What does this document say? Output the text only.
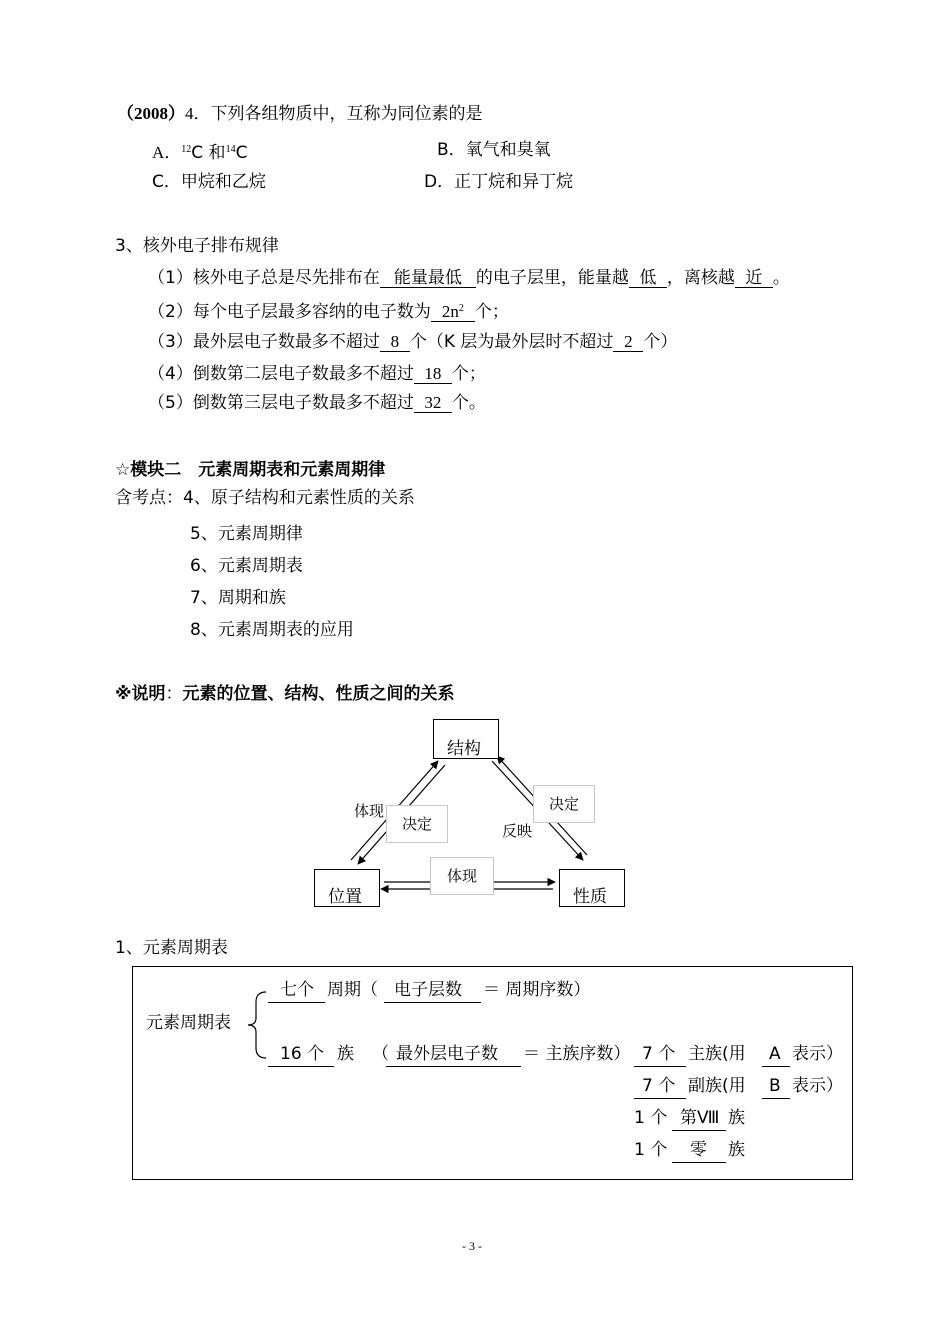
（2008）4．下列各组物质中，互称为同位素的是
A．$^{12}$C 和$^{14}$C	B．氧气和臭氧
C．甲烷和乙烷	D．正丁烷和异丁烷
3、核外电子排布规律
（1）核外电子总是尽先排布在 能量最低 的电子层里，能量越 低 ，离核越 近 。
（2）每个电子层最多容纳的电子数为 $2n^2$ 个；
（3）最外层电子数最多不超过 8 个（K 层为最外层时不超过 2 个）
（4）倒数第二层电子数最多不超过 18 个；
（5）倒数第三层电子数最多不超过 32 个。
☆模块二　元素周期表和元素周期律
含考点：4、原子结构和元素性质的关系
5、元素周期律
6、元素周期表
7、周期和族
8、元素周期表的应用
※说明：元素的位置、结构、性质之间的关系
结构
位置	性质
体现
决定
决定
反映
体现
1、元素周期表
元素周期表
七个 周期（ 电子层数 ＝ 周期序数）
16 个 族 （ 最外层电子数 ＝ 主族序数） 7 个 主族(用 A 表示）
7 个 副族(用 B 表示）
1 个 第Ⅷ 族
1 个 零 族
- 3 -
